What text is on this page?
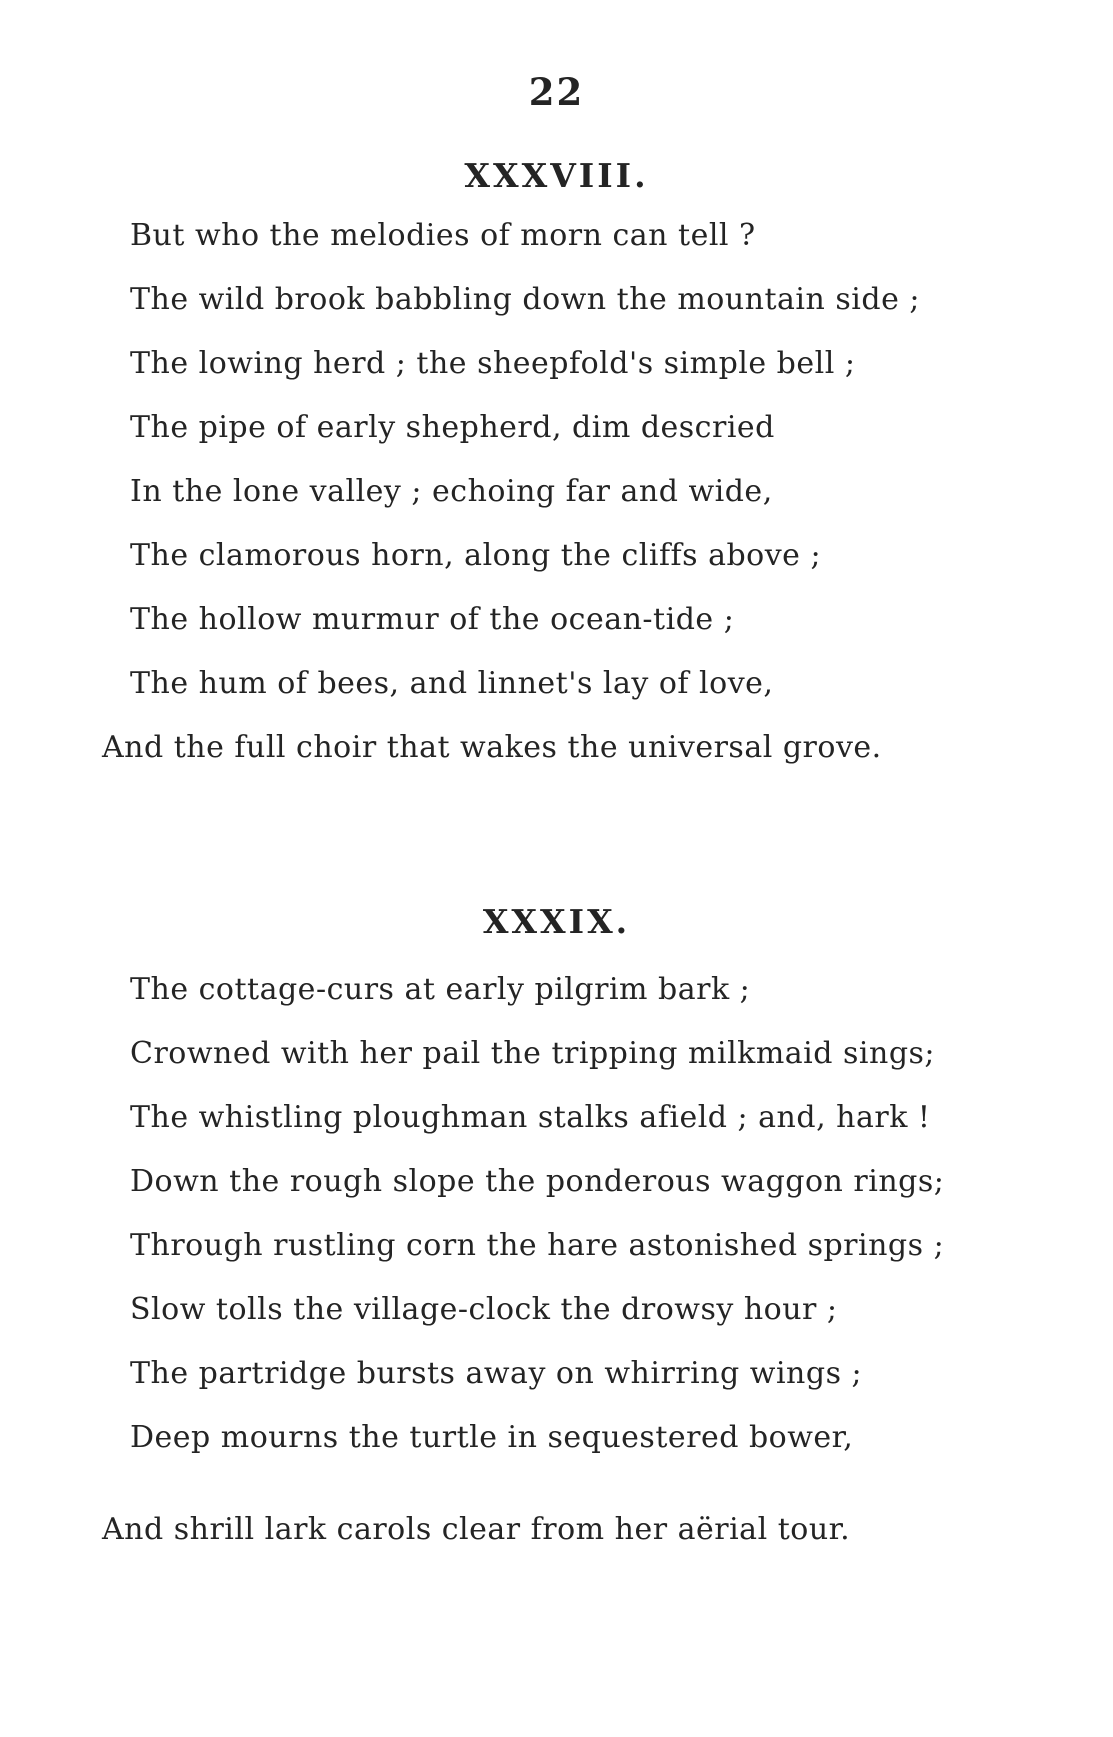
22
XXXVIII.
But who the melodies of morn can tell ?
The wild brook babbling down the mountain side ;
The lowing herd ; the sheepfold's simple bell ;
The pipe of early shepherd, dim descried
In the lone valley ; echoing far and wide,
The clamorous horn, along the cliffs above ;
The hollow murmur of the ocean-tide ;
The hum of bees, and linnet's lay of love,
And the full choir that wakes the universal grove.
XXXIX.
The cottage-curs at early pilgrim bark ;
Crowned with her pail the tripping milkmaid sings;
The whistling ploughman stalks afield ; and, hark !
Down the rough slope the ponderous waggon rings;
Through rustling corn the hare astonished springs ;
Slow tolls the village-clock the drowsy hour ;
The partridge bursts away on whirring wings ;
Deep mourns the turtle in sequestered bower,
And shrill lark carols clear from her aërial tour.
